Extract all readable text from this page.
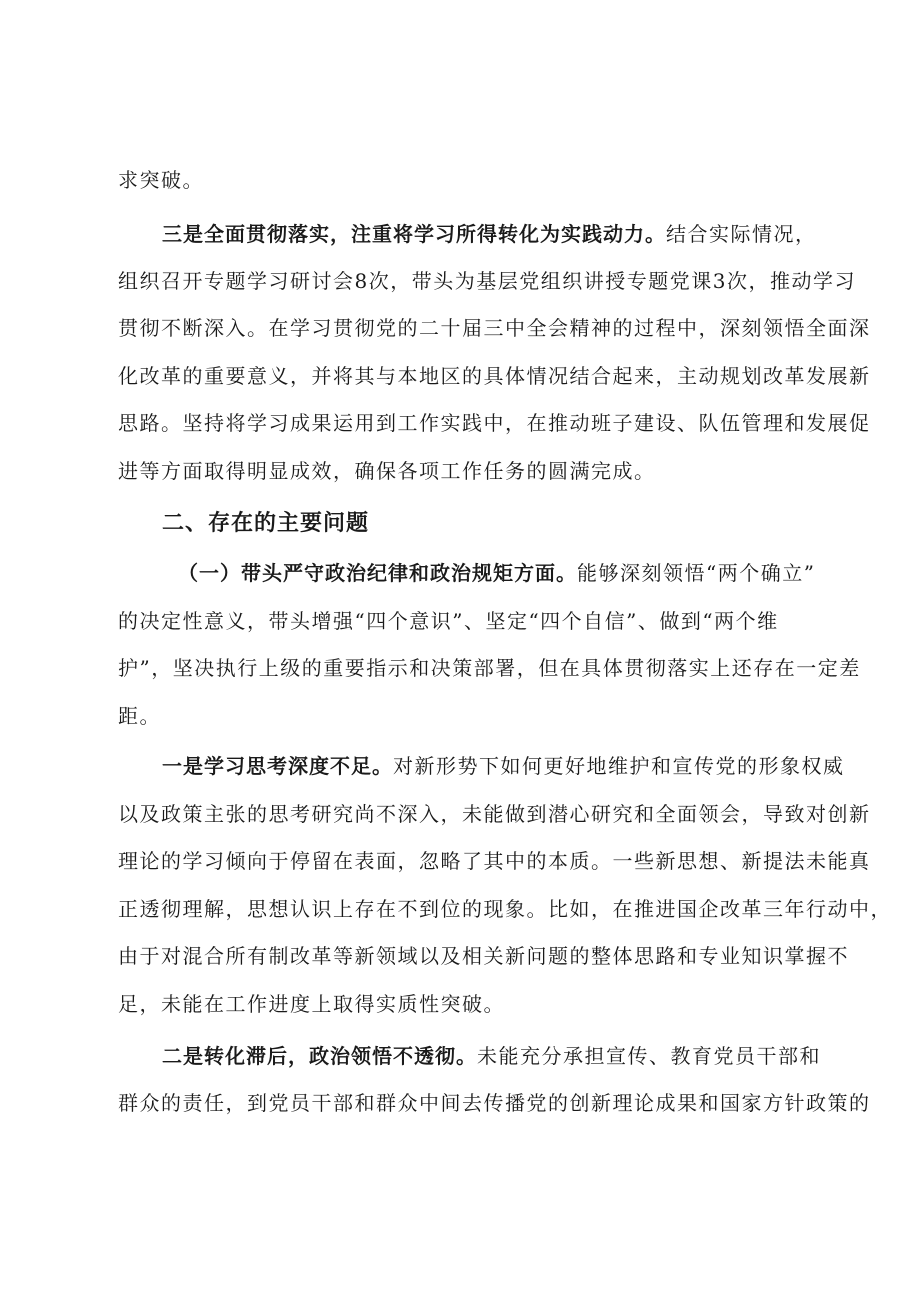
求突破。
三是全面贯彻落实，注重将学习所得转化为实践动力。结合实际情况，
组织召开专题学习研讨会8次，带头为基层党组织讲授专题党课3次，推动学习
贯彻不断深入。在学习贯彻党的二十届三中全会精神的过程中，深刻领悟全面深
化改革的重要意义，并将其与本地区的具体情况结合起来，主动规划改革发展新
思路。坚持将学习成果运用到工作实践中，在推动班子建设、队伍管理和发展促
进等方面取得明显成效，确保各项工作任务的圆满完成。
二、存在的主要问题
（一）带头严守政治纪律和政治规矩方面。能够深刻领悟“两个确立”
的决定性意义，带头增强“四个意识”、坚定“四个自信”、做到“两个维
护”，坚决执行上级的重要指示和决策部署，但在具体贯彻落实上还存在一定差
距。
一是学习思考深度不足。对新形势下如何更好地维护和宣传党的形象权威
以及政策主张的思考研究尚不深入，未能做到潜心研究和全面领会，导致对创新
理论的学习倾向于停留在表面，忽略了其中的本质。一些新思想、新提法未能真
正透彻理解，思想认识上存在不到位的现象。比如，在推进国企改革三年行动中，
由于对混合所有制改革等新领域以及相关新问题的整体思路和专业知识掌握不
足，未能在工作进度上取得实质性突破。
二是转化滞后，政治领悟不透彻。未能充分承担宣传、教育党员干部和
群众的责任，到党员干部和群众中间去传播党的创新理论成果和国家方针政策的
